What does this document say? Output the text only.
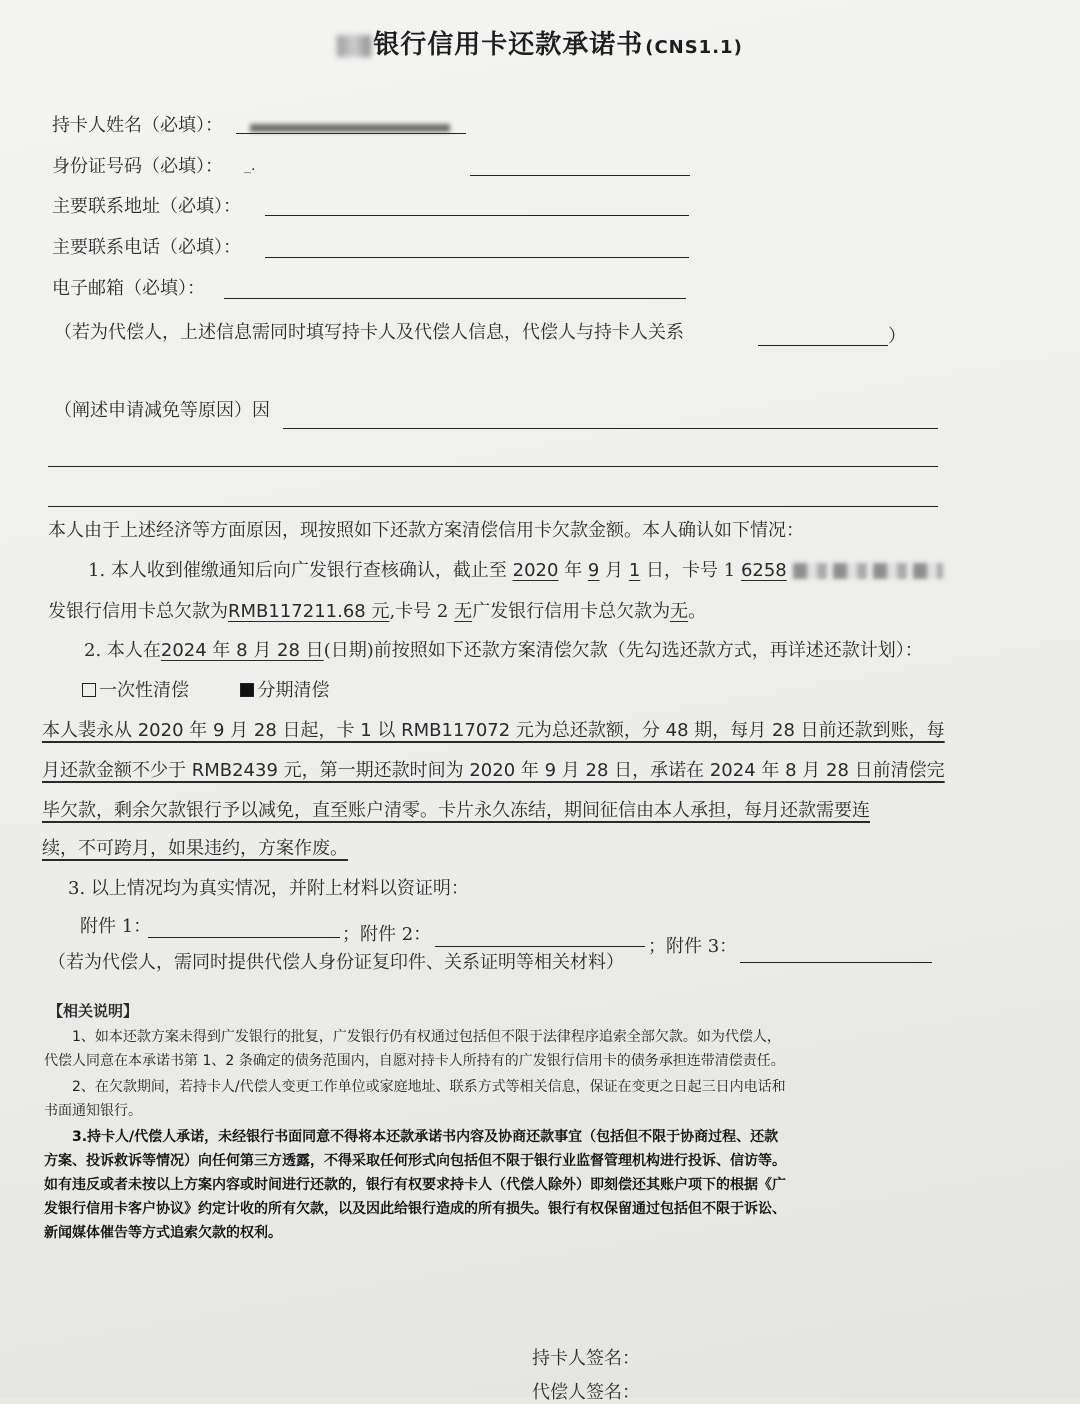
银行信用卡还款承诺书 (CNS1.1)
持卡人姓名（必填）：
身份证号码（必填）： _.
主要联系地址（必填）：
主要联系电话（必填）：
电子邮箱（必填）：
（若为代偿人，上述信息需同时填写持卡人及代偿人信息，代偿人与持卡人关系	）
（阐述申请减免等原因）因
本人由于上述经济等方面原因，现按照如下还款方案清偿信用卡欠款金额。本人确认如下情况：
1. 本人收到催缴通知后向广发银行查核确认，截止至 2020 年 9 月 1 日，卡号 1 6258
发银行信用卡总欠款为RMB117211.68 元,卡号 2 无广发银行信用卡总欠款为无。
2. 本人在2024 年 8 月 28 日(日期)前按照如下还款方案清偿欠款（先勾选还款方式，再详述还款计划）：
一次性清偿	分期清偿
本人裴永从 2020 年 9 月 28 日起，卡 1 以 RMB117072 元为总还款额，分 48 期，每月 28 日前还款到账，每
月还款金额不少于 RMB2439 元，第一期还款时间为 2020 年 9 月 28 日，承诺在 2024 年 8 月 28 日前清偿完
毕欠款，剩余欠款银行予以减免，直至账户清零。卡片永久冻结，期间征信由本人承担，每月还款需要连
续，不可跨月，如果违约，方案作废。
3. 以上情况均为真实情况，并附上材料以资证明：
附件 1：	；附件 2：
；附件 3：
（若为代偿人，需同时提供代偿人身份证复印件、关系证明等相关材料）
【相关说明】
1、如本还款方案未得到广发银行的批复，广发银行仍有权通过包括但不限于法律程序追索全部欠款。如为代偿人，
代偿人同意在本承诺书第 1、2 条确定的债务范围内，自愿对持卡人所持有的广发银行信用卡的债务承担连带清偿责任。
2、在欠款期间，若持卡人/代偿人变更工作单位或家庭地址、联系方式等相关信息，保证在变更之日起三日内电话和
书面通知银行。
3.持卡人/代偿人承诺，未经银行书面同意不得将本还款承诺书内容及协商还款事宜（包括但不限于协商过程、还款
方案、投诉救诉等情况）向任何第三方透露，不得采取任何形式向包括但不限于银行业监督管理机构进行投诉、信访等。
如有违反或者未按以上方案内容或时间进行还款的，银行有权要求持卡人（代偿人除外）即刻偿还其账户项下的根据《广
发银行信用卡客户协议》约定计收的所有欠款，以及因此给银行造成的所有损失。银行有权保留通过包括但不限于诉讼、
新闻媒体催告等方式追索欠款的权利。
持卡人签名：
代偿人签名：
